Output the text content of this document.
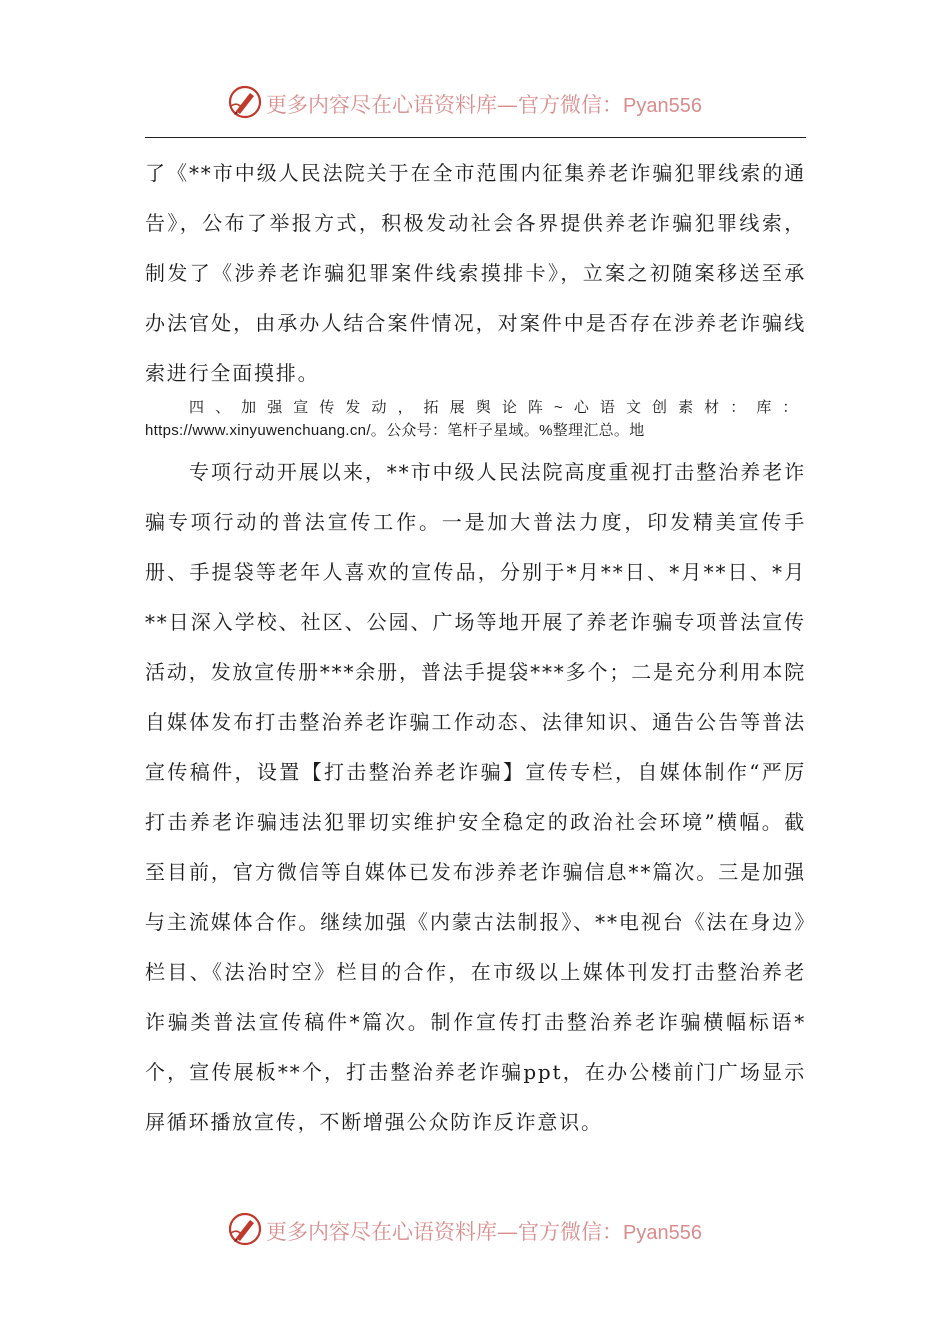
更多内容尽在心语资料库—官方微信：Pyan556

了《**市中级人民法院关于在全市范围内征集养老诈骗犯罪线索的通告》，公布了举报方式，积极发动社会各界提供养老诈骗犯罪线索，制发了《涉养老诈骗犯罪案件线索摸排卡》，立案之初随案移送至承办法官处，由承办人结合案件情况，对案件中是否存在涉养老诈骗线索进行全面摸排。

四、加强宣传发动，拓展舆论阵~心语文创素材：库：https://www.xinyuwenchuang.cn/。公众号：笔杆子星域。%整理汇总。地

专项行动开展以来，**市中级人民法院高度重视打击整治养老诈骗专项行动的普法宣传工作。一是加大普法力度，印发精美宣传手册、手提袋等老年人喜欢的宣传品，分别于*月**日、*月**日、*月**日深入学校、社区、公园、广场等地开展了养老诈骗专项普法宣传活动，发放宣传册***余册，普法手提袋***多个；二是充分利用本院自媒体发布打击整治养老诈骗工作动态、法律知识、通告公告等普法宣传稿件，设置【打击整治养老诈骗】宣传专栏，自媒体制作“严厉打击养老诈骗违法犯罪切实维护安全稳定的政治社会环境”横幅。截至目前，官方微信等自媒体已发布涉养老诈骗信息**篇次。三是加强与主流媒体合作。继续加强《内蒙古法制报》、**电视台《法在身边》栏目、《法治时空》栏目的合作，在市级以上媒体刊发打击整治养老诈骗类普法宣传稿件*篇次。制作宣传打击整治养老诈骗横幅标语*个，宣传展板**个，打击整治养老诈骗ppt，在办公楼前门广场显示屏循环播放宣传，不断增强公众防诈反诈意识。

更多内容尽在心语资料库—官方微信：Pyan556
